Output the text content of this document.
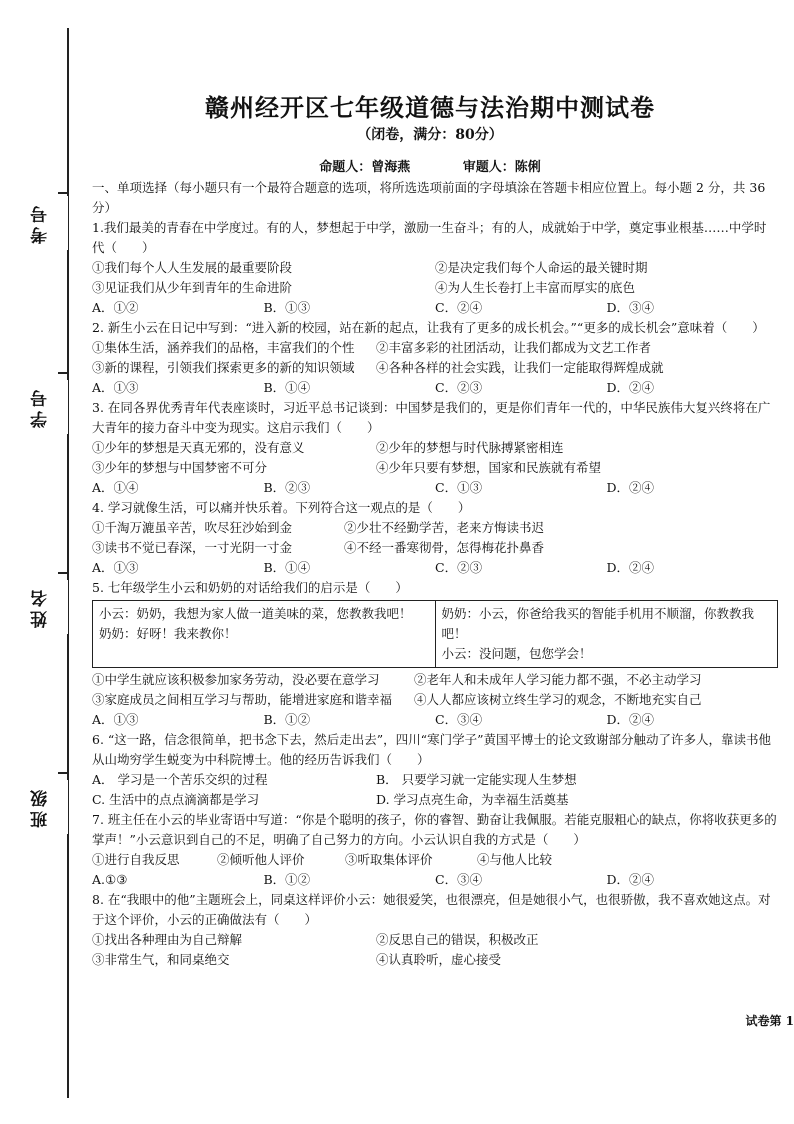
考号
学号
姓名
班级
赣州经开区七年级道德与法治期中测试卷
（闭卷，满分：80分）
命题人：曾海燕	审题人：陈俐
一、单项选择（每小题只有一个最符合题意的选项，将所选选项前面的字母填涂在答题卡相应位置上。每小题 2 分，共 36 分）
1.我们最美的青春在中学度过。有的人，梦想起于中学，激励一生奋斗；有的人，成就始于中学，奠定事业根基……中学时代（　　）
①我们每个人人生发展的最重要阶段	②是决定我们每个人命运的最关键时期
③见证我们从少年到青年的生命进阶	④为人生长卷打上丰富而厚实的底色
A．①②	B．①③	C．②④	D．③④
2. 新生小云在日记中写到：“进入新的校园，站在新的起点，让我有了更多的成长机会。”“更多的成长机会”意味着（　　）
①集体生活，涵养我们的品格，丰富我们的个性	②丰富多彩的社团活动，让我们都成为文艺工作者
③新的课程，引领我们探索更多的新的知识领域	④各种各样的社会实践，让我们一定能取得辉煌成就
A．①③	B．①④	C．②③	D．②④
3. 在同各界优秀青年代表座谈时，习近平总书记谈到：中国梦是我们的，更是你们青年一代的，中华民族伟大复兴终将在广大青年的接力奋斗中变为现实。这启示我们（　　）
①少年的梦想是天真无邪的，没有意义	②少年的梦想与时代脉搏紧密相连
③少年的梦想与中国梦密不可分	④少年只要有梦想，国家和民族就有希望
A．①④	B．②③	C．①③	D．②④
4. 学习就像生活，可以痛并快乐着。下列符合这一观点的是（　　）
①千淘万漉虽辛苦，吹尽狂沙始到金	②少壮不经勤学苦，老来方悔读书迟
③读书不觉已春深，一寸光阴一寸金	④不经一番寒彻骨，怎得梅花扑鼻香
A．①③	B．①④	C．②③	D．②④
5. 七年级学生小云和奶奶的对话给我们的启示是（　　）
小云：奶奶，我想为家人做一道美味的菜，您教教我吧！
奶奶：好呀！我来教你！
奶奶：小云，你爸给我买的智能手机用不顺溜，你教教我吧！
小云：没问题，包您学会！
①中学生就应该积极参加家务劳动，没必要在意学习	②老年人和未成年人学习能力都不强，不必主动学习
③家庭成员之间相互学习与帮助，能增进家庭和谐幸福	④人人都应该树立终生学习的观念，不断地充实自己
A．①③	B．①②	C．③④	D．②④
6. “这一路，信念很简单，把书念下去，然后走出去”，四川“寒门学子”黄国平博士的论文致谢部分触动了许多人，靠读书他从山坳穷学生蜕变为中科院博士。他的经历告诉我们（　　）
A． 学习是一个苦乐交织的过程	B． 只要学习就一定能实现人生梦想
C. 生活中的点点滴滴都是学习	D. 学习点亮生命，为幸福生活奠基
7. 班主任在小云的毕业寄语中写道：“你是个聪明的孩子，你的睿智、勤奋让我佩服。若能克服粗心的缺点，你将收获更多的掌声！”小云意识到自己的不足，明确了自己努力的方向。小云认识自我的方式是（　　）
①进行自我反思	②倾听他人评价	③听取集体评价	④与他人比较
A.①③	B．①②	C．③④	D．②④
8. 在“我眼中的他”主题班会上，同桌这样评价小云：她很爱笑，也很漂亮，但是她很小气，也很骄傲，我不喜欢她这点。对于这个评价，小云的正确做法有（　　）
①找出各种理由为自己辩解	②反思自己的错误，积极改正
③非常生气，和同桌绝交	④认真聆听，虚心接受
试卷第 1
